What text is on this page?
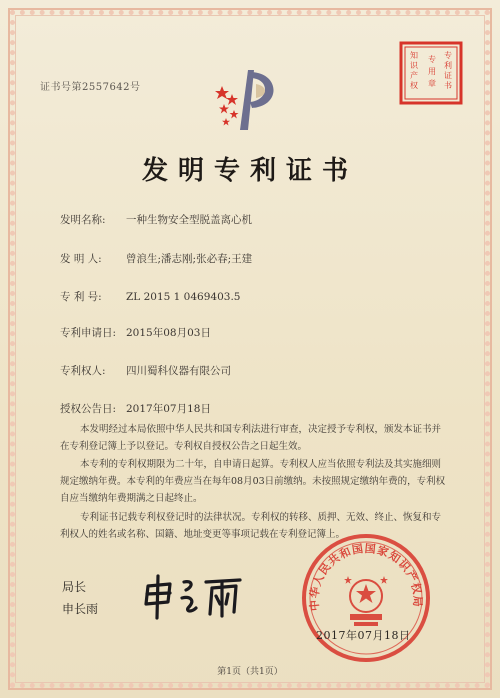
证书号第2557642号
专
利
证
书
专
用
章
知
识
产
权
发明专利证书
发明名称: 一种生物安全型脱盖离心机
发 明 人: 曾浪生;潘志刚;张必春;王建
专 利 号: ZL 2015 1 0469403.5
专利申请日: 2015年08月03日
专利权人: 四川蜀科仪器有限公司
授权公告日: 2017年07月18日
本发明经过本局依照中华人民共和国专利法进行审查，决定授予专利权，颁发本证书并在专利登记簿上予以登记。专利权自授权公告之日起生效。
本专利的专利权期限为二十年，自申请日起算。专利权人应当依照专利法及其实施细则规定缴纳年费。本专利的年费应当在每年08月03日前缴纳。未按照规定缴纳年费的，专利权自应当缴纳年费期满之日起终止。
专利证书记载专利权登记时的法律状况。专利权的转移、质押、无效、终止、恢复和专利权人的姓名或名称、国籍、地址变更等事项记载在专利登记簿上。
局长
申长雨	中华人民共和国国家知识产权局
2017年07月18日
第1页（共1页）
